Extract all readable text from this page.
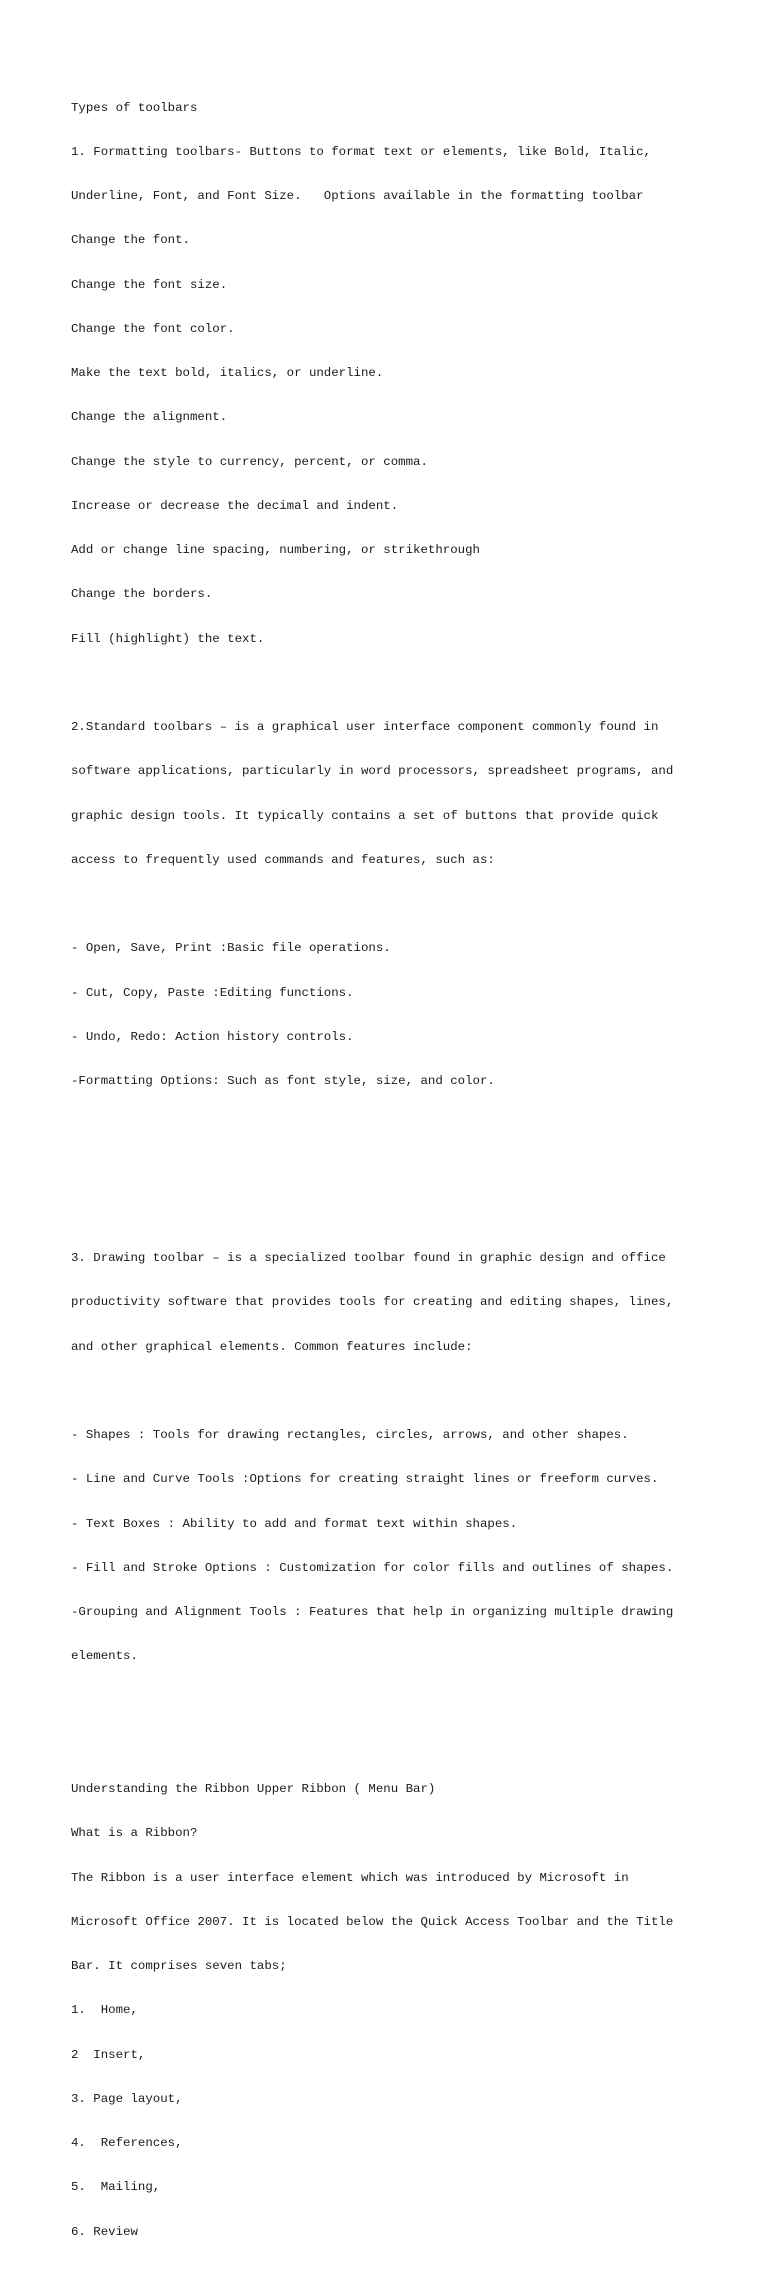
Types of toolbars

1. Formatting toolbars- Buttons to format text or elements, like Bold, Italic,

Underline, Font, and Font Size.   Options available in the formatting toolbar

Change the font.

Change the font size.

Change the font color.

Make the text bold, italics, or underline.

Change the alignment.

Change the style to currency, percent, or comma.

Increase or decrease the decimal and indent.

Add or change line spacing, numbering, or strikethrough

Change the borders.

Fill (highlight) the text.

2.Standard toolbars – is a graphical user interface component commonly found in

software applications, particularly in word processors, spreadsheet programs, and

graphic design tools. It typically contains a set of buttons that provide quick

access to frequently used commands and features, such as:

- Open, Save, Print :Basic file operations.

- Cut, Copy, Paste :Editing functions.

- Undo, Redo: Action history controls.

-Formatting Options: Such as font style, size, and color.

3. Drawing toolbar – is a specialized toolbar found in graphic design and office

productivity software that provides tools for creating and editing shapes, lines,

and other graphical elements. Common features include:

- Shapes : Tools for drawing rectangles, circles, arrows, and other shapes.

- Line and Curve Tools :Options for creating straight lines or freeform curves.

- Text Boxes : Ability to add and format text within shapes.

- Fill and Stroke Options : Customization for color fills and outlines of shapes.

-Grouping and Alignment Tools : Features that help in organizing multiple drawing

elements.

Understanding the Ribbon Upper Ribbon ( Menu Bar)

What is a Ribbon?

The Ribbon is a user interface element which was introduced by Microsoft in

Microsoft Office 2007. It is located below the Quick Access Toolbar and the Title

Bar. It comprises seven tabs;

1.  Home,

2  Insert,

3. Page layout,

4.  References,

5.  Mailing,

6. Review
